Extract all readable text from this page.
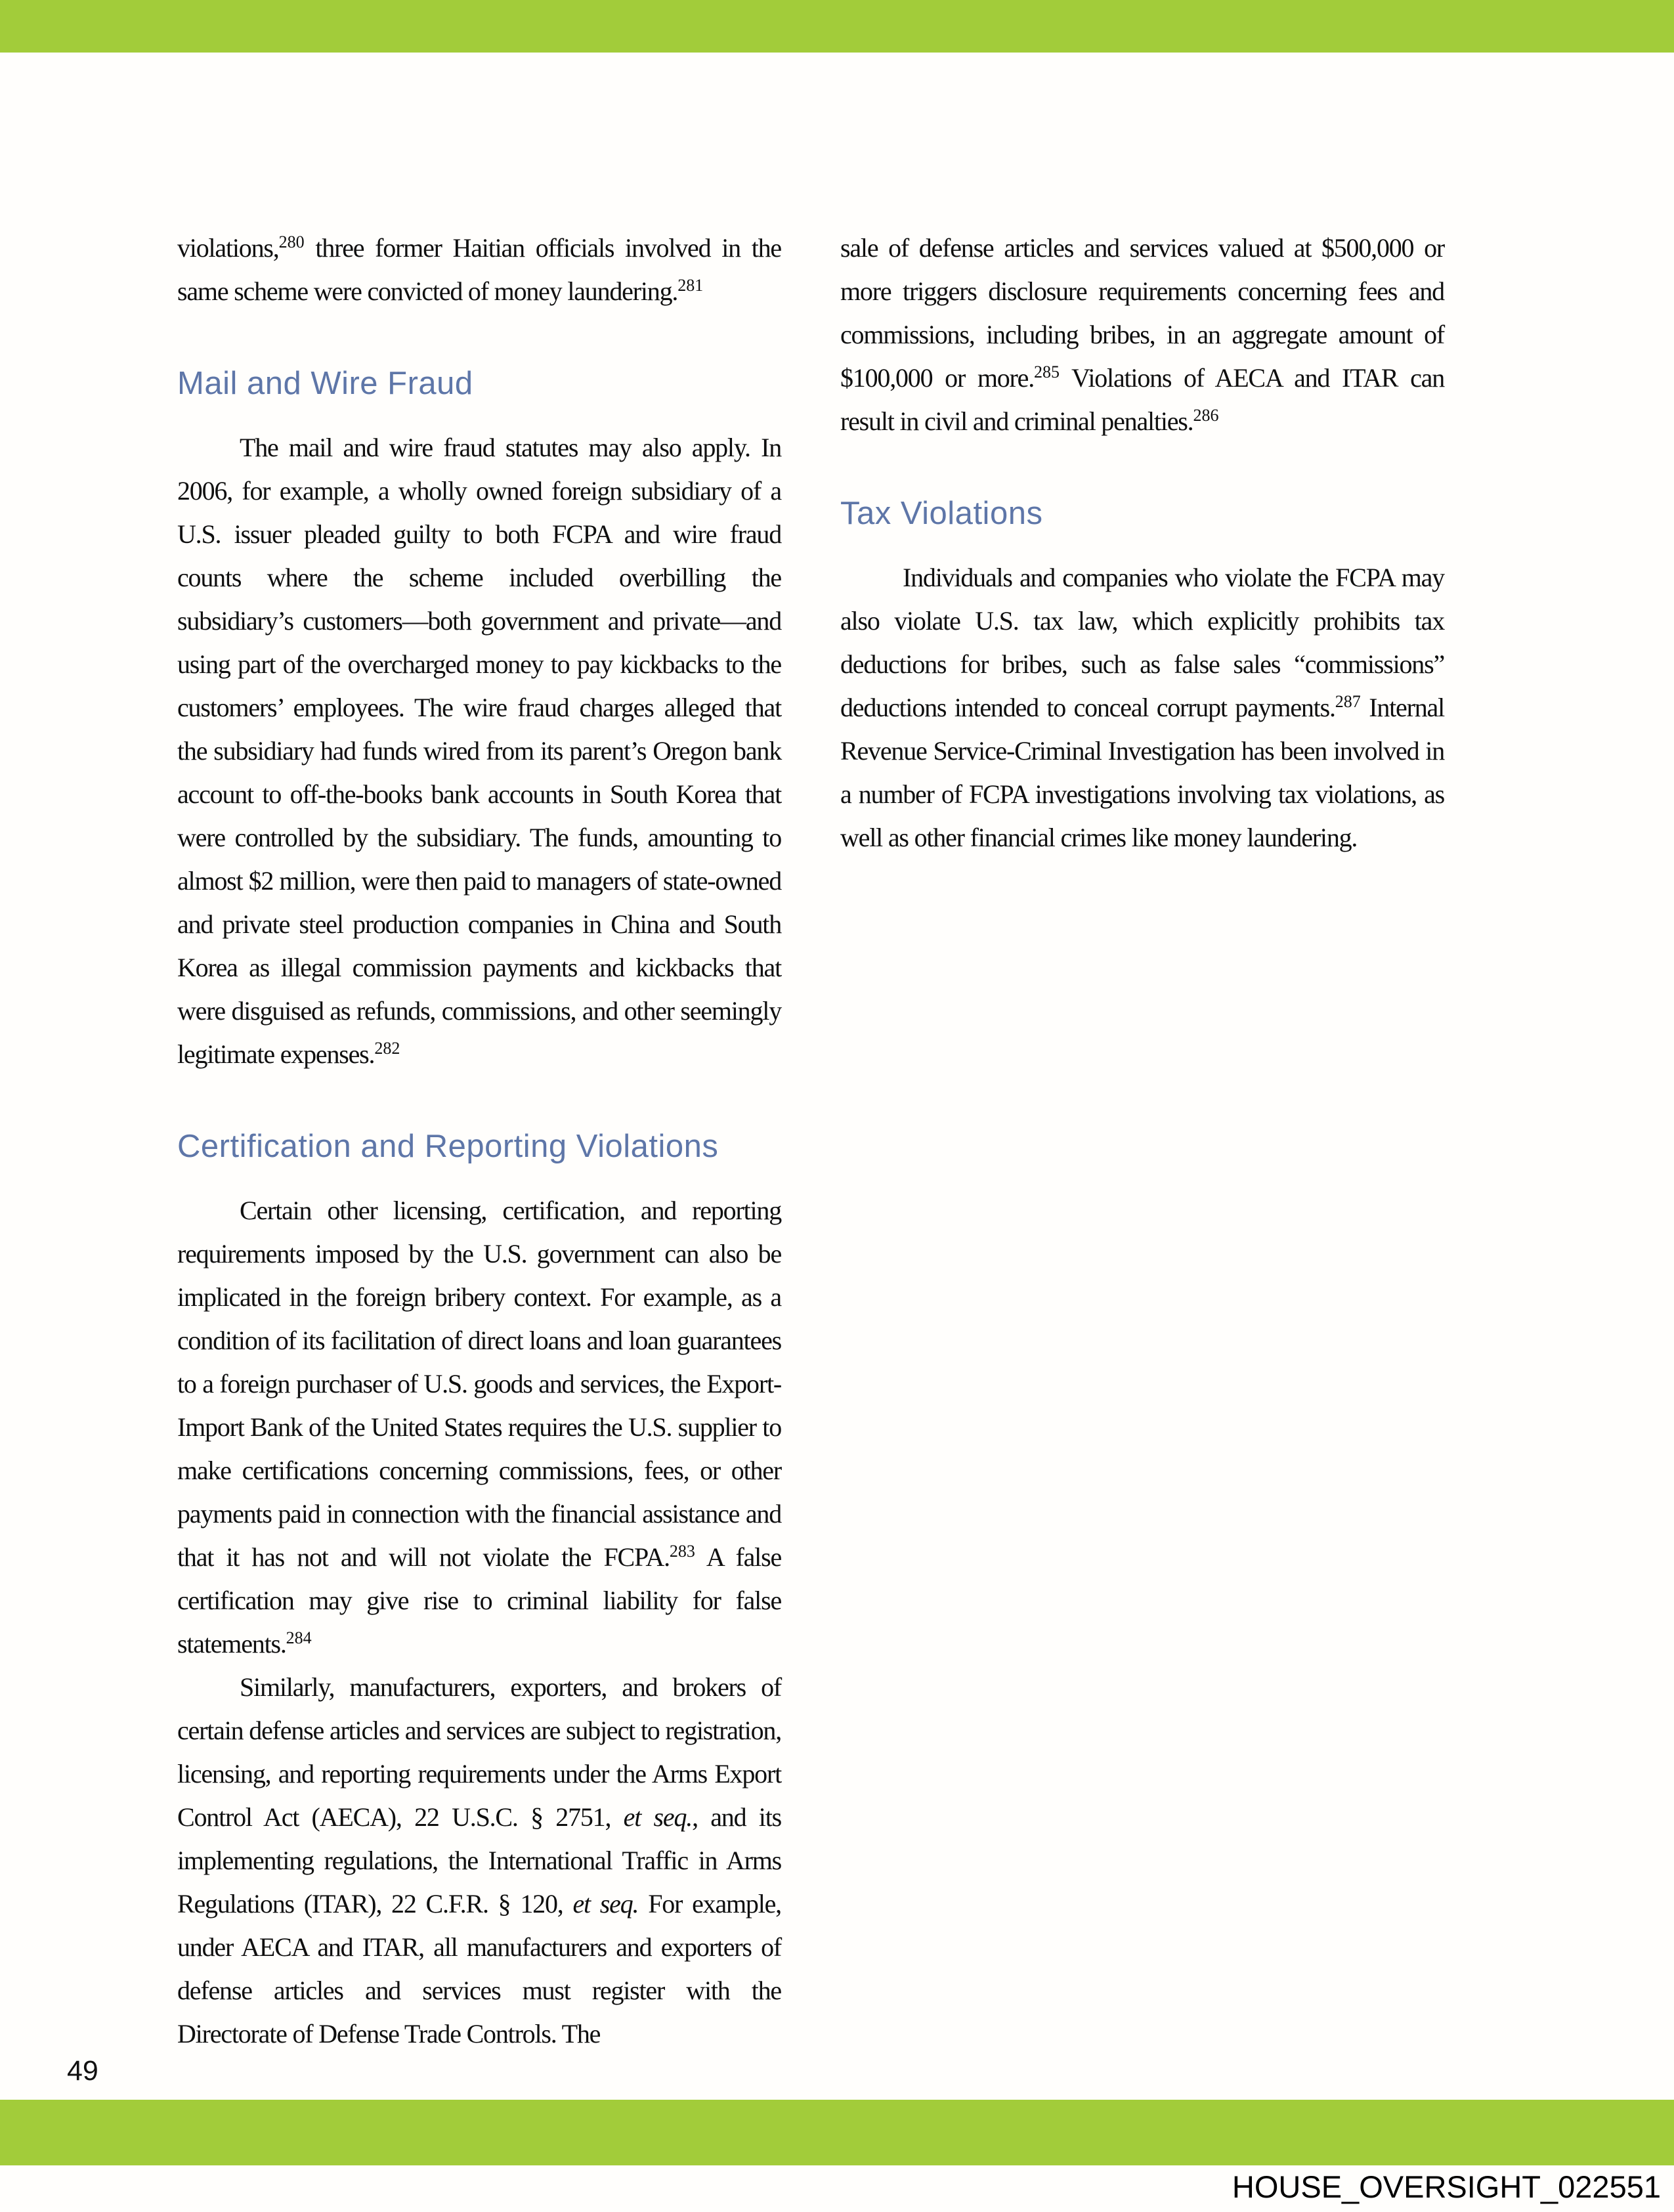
violations,$^{280}$ three former Haitian officials involved in the same scheme were convicted of money laundering.$^{281}$

Mail and Wire Fraud

The mail and wire fraud statutes may also apply. In 2006, for example, a wholly owned foreign subsidiary of a U.S. issuer pleaded guilty to both FCPA and wire fraud counts where the scheme included overbilling the subsidiary’s customers—both government and private—and using part of the overcharged money to pay kickbacks to the customers’ employees. The wire fraud charges alleged that the subsidiary had funds wired from its parent’s Oregon bank account to off-the-books bank accounts in South Korea that were controlled by the subsidiary. The funds, amounting to almost $2 million, were then paid to managers of state-owned and private steel production companies in China and South Korea as illegal commission payments and kickbacks that were disguised as refunds, commissions, and other seemingly legitimate expenses.$^{282}$

Certification and Reporting Violations

Certain other licensing, certification, and reporting requirements imposed by the U.S. government can also be implicated in the foreign bribery context. For example, as a condition of its facilitation of direct loans and loan guarantees to a foreign purchaser of U.S. goods and services, the Export-Import Bank of the United States requires the U.S. supplier to make certifications concerning commissions, fees, or other payments paid in connection with the financial assistance and that it has not and will not violate the FCPA.$^{283}$ A false certification may give rise to criminal liability for false statements.$^{284}$

Similarly, manufacturers, exporters, and brokers of certain defense articles and services are subject to registration, licensing, and reporting requirements under the Arms Export Control Act (AECA), 22 U.S.C. § 2751, et seq., and its implementing regulations, the International Traffic in Arms Regulations (ITAR), 22 C.F.R. § 120, et seq. For example, under AECA and ITAR, all manufacturers and exporters of defense articles and services must register with the Directorate of Defense Trade Controls. The

sale of defense articles and services valued at $500,000 or more triggers disclosure requirements concerning fees and commissions, including bribes, in an aggregate amount of $100,000 or more.$^{285}$ Violations of AECA and ITAR can result in civil and criminal penalties.$^{286}$

Tax Violations

Individuals and companies who violate the FCPA may also violate U.S. tax law, which explicitly prohibits tax deductions for bribes, such as false sales “commissions” deductions intended to conceal corrupt payments.$^{287}$ Internal Revenue Service-Criminal Investigation has been involved in a number of FCPA investigations involving tax violations, as well as other financial crimes like money laundering.

49
HOUSE_OVERSIGHT_022551
